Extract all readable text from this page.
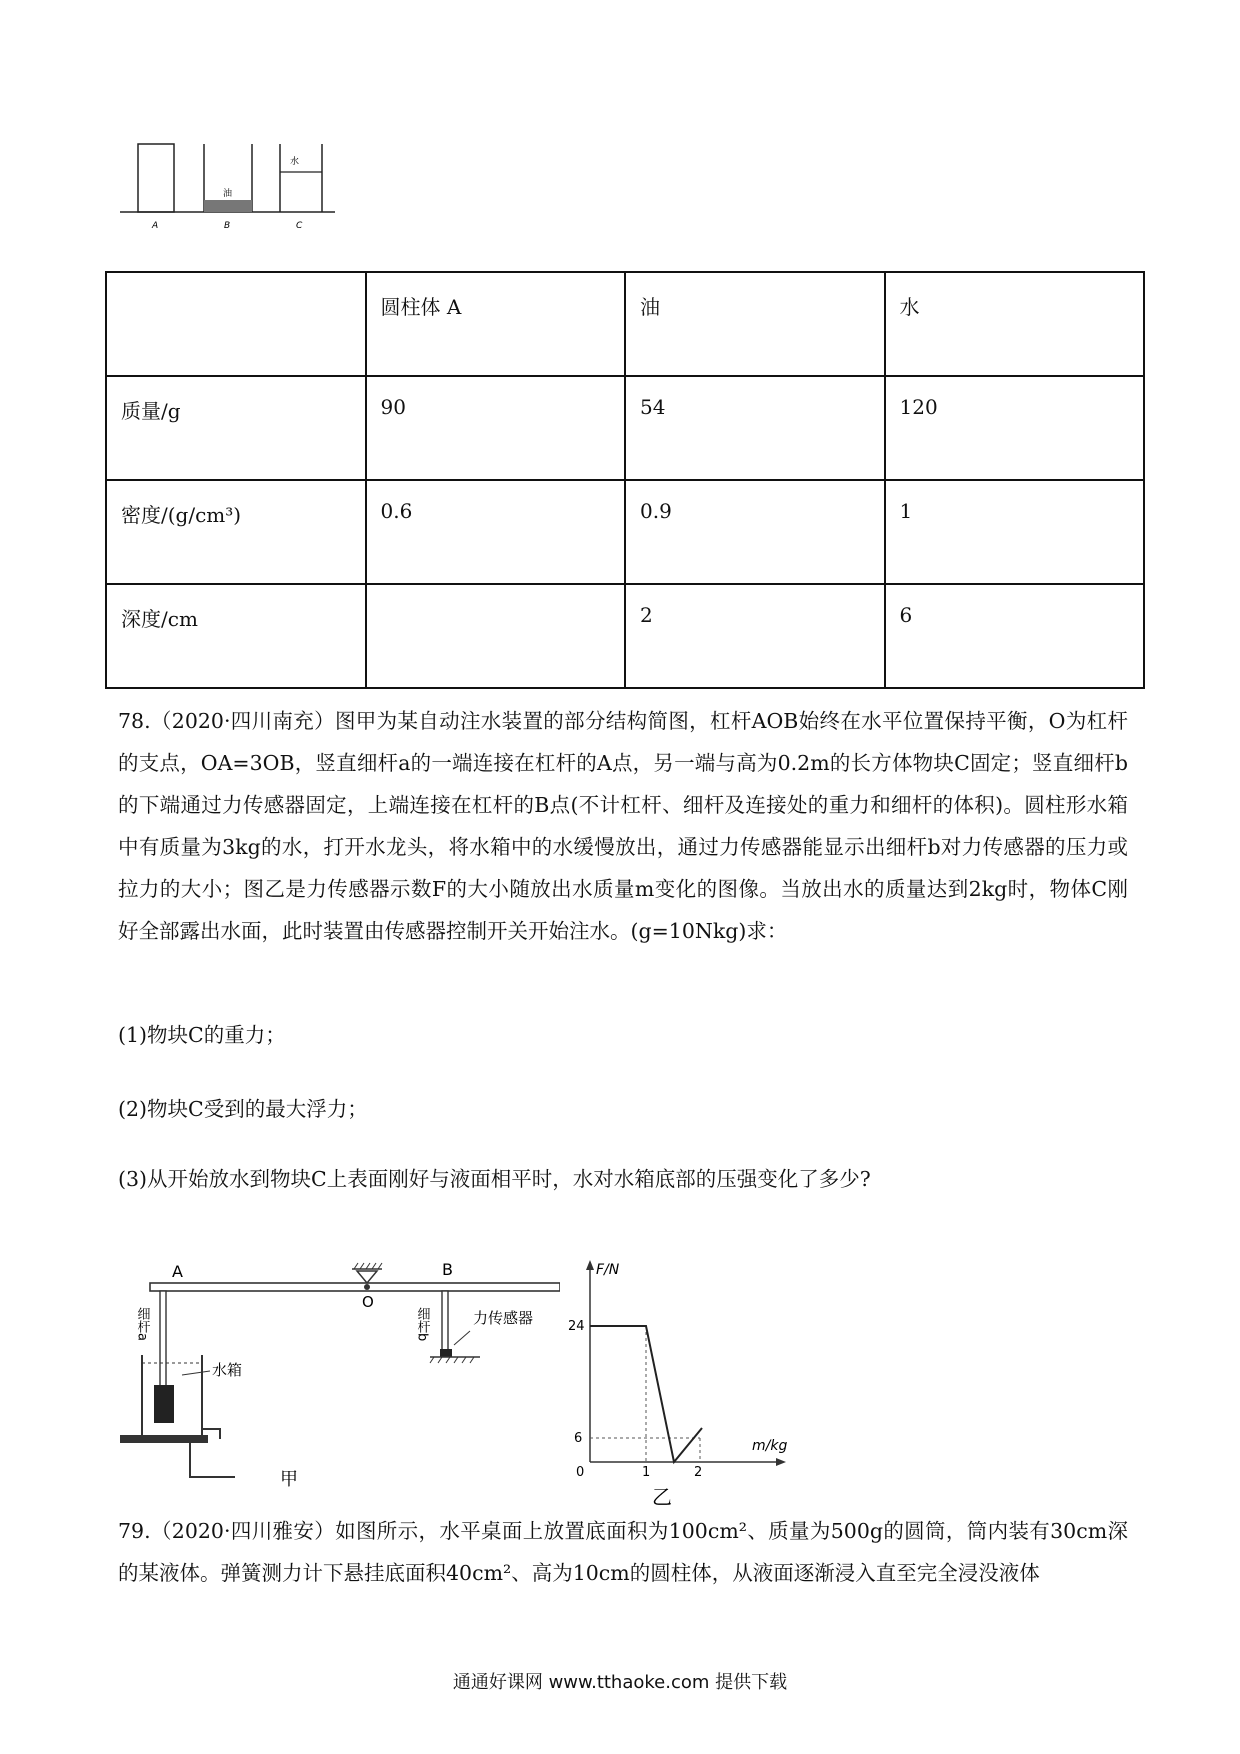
油
水
A	B	C
	圆柱体 A	油	水
质量/g	90	54	120
密度/(g/cm³)	0.6	0.9	1
深度/cm		2	6
78.（2020·四川南充）图甲为某自动注水装置的部分结构简图，杠杆AOB始终在水平位置保持平衡，O为杠杆的支点，OA=3OB，竖直细杆a的一端连接在杠杆的A点，另一端与高为0.2m的长方体物块C固定；竖直细杆b的下端通过力传感器固定，上端连接在杠杆的B点(不计杠杆、细杆及连接处的重力和细杆的体积)。圆柱形水箱中有质量为3kg的水，打开水龙头，将水箱中的水缓慢放出，通过力传感器能显示出细杆b对力传感器的压力或拉力的大小；图乙是力传感器示数F的大小随放出水质量m变化的图像。当放出水的质量达到2kg时，物体C刚好全部露出水面，此时装置由传感器控制开关开始注水。(g=10Nkg)求：
(1)物块C的重力；
(2)物块C受到的最大浮力；
(3)从开始放水到物块C上表面刚好与液面相平时，水对水箱底部的压强变化了多少?
O
A	B
细杆a
水箱
细杆b	力传感器
甲
F/N
m/kg
24
6
0	1	2
乙
79.（2020·四川雅安）如图所示，水平桌面上放置底面积为100cm²、质量为500g的圆筒，筒内装有30cm深的某液体。弹簧测力计下悬挂底面积40cm²、高为10cm的圆柱体，从液面逐渐浸入直至完全浸没液体
通通好课网 www.tthaoke.com 提供下载
